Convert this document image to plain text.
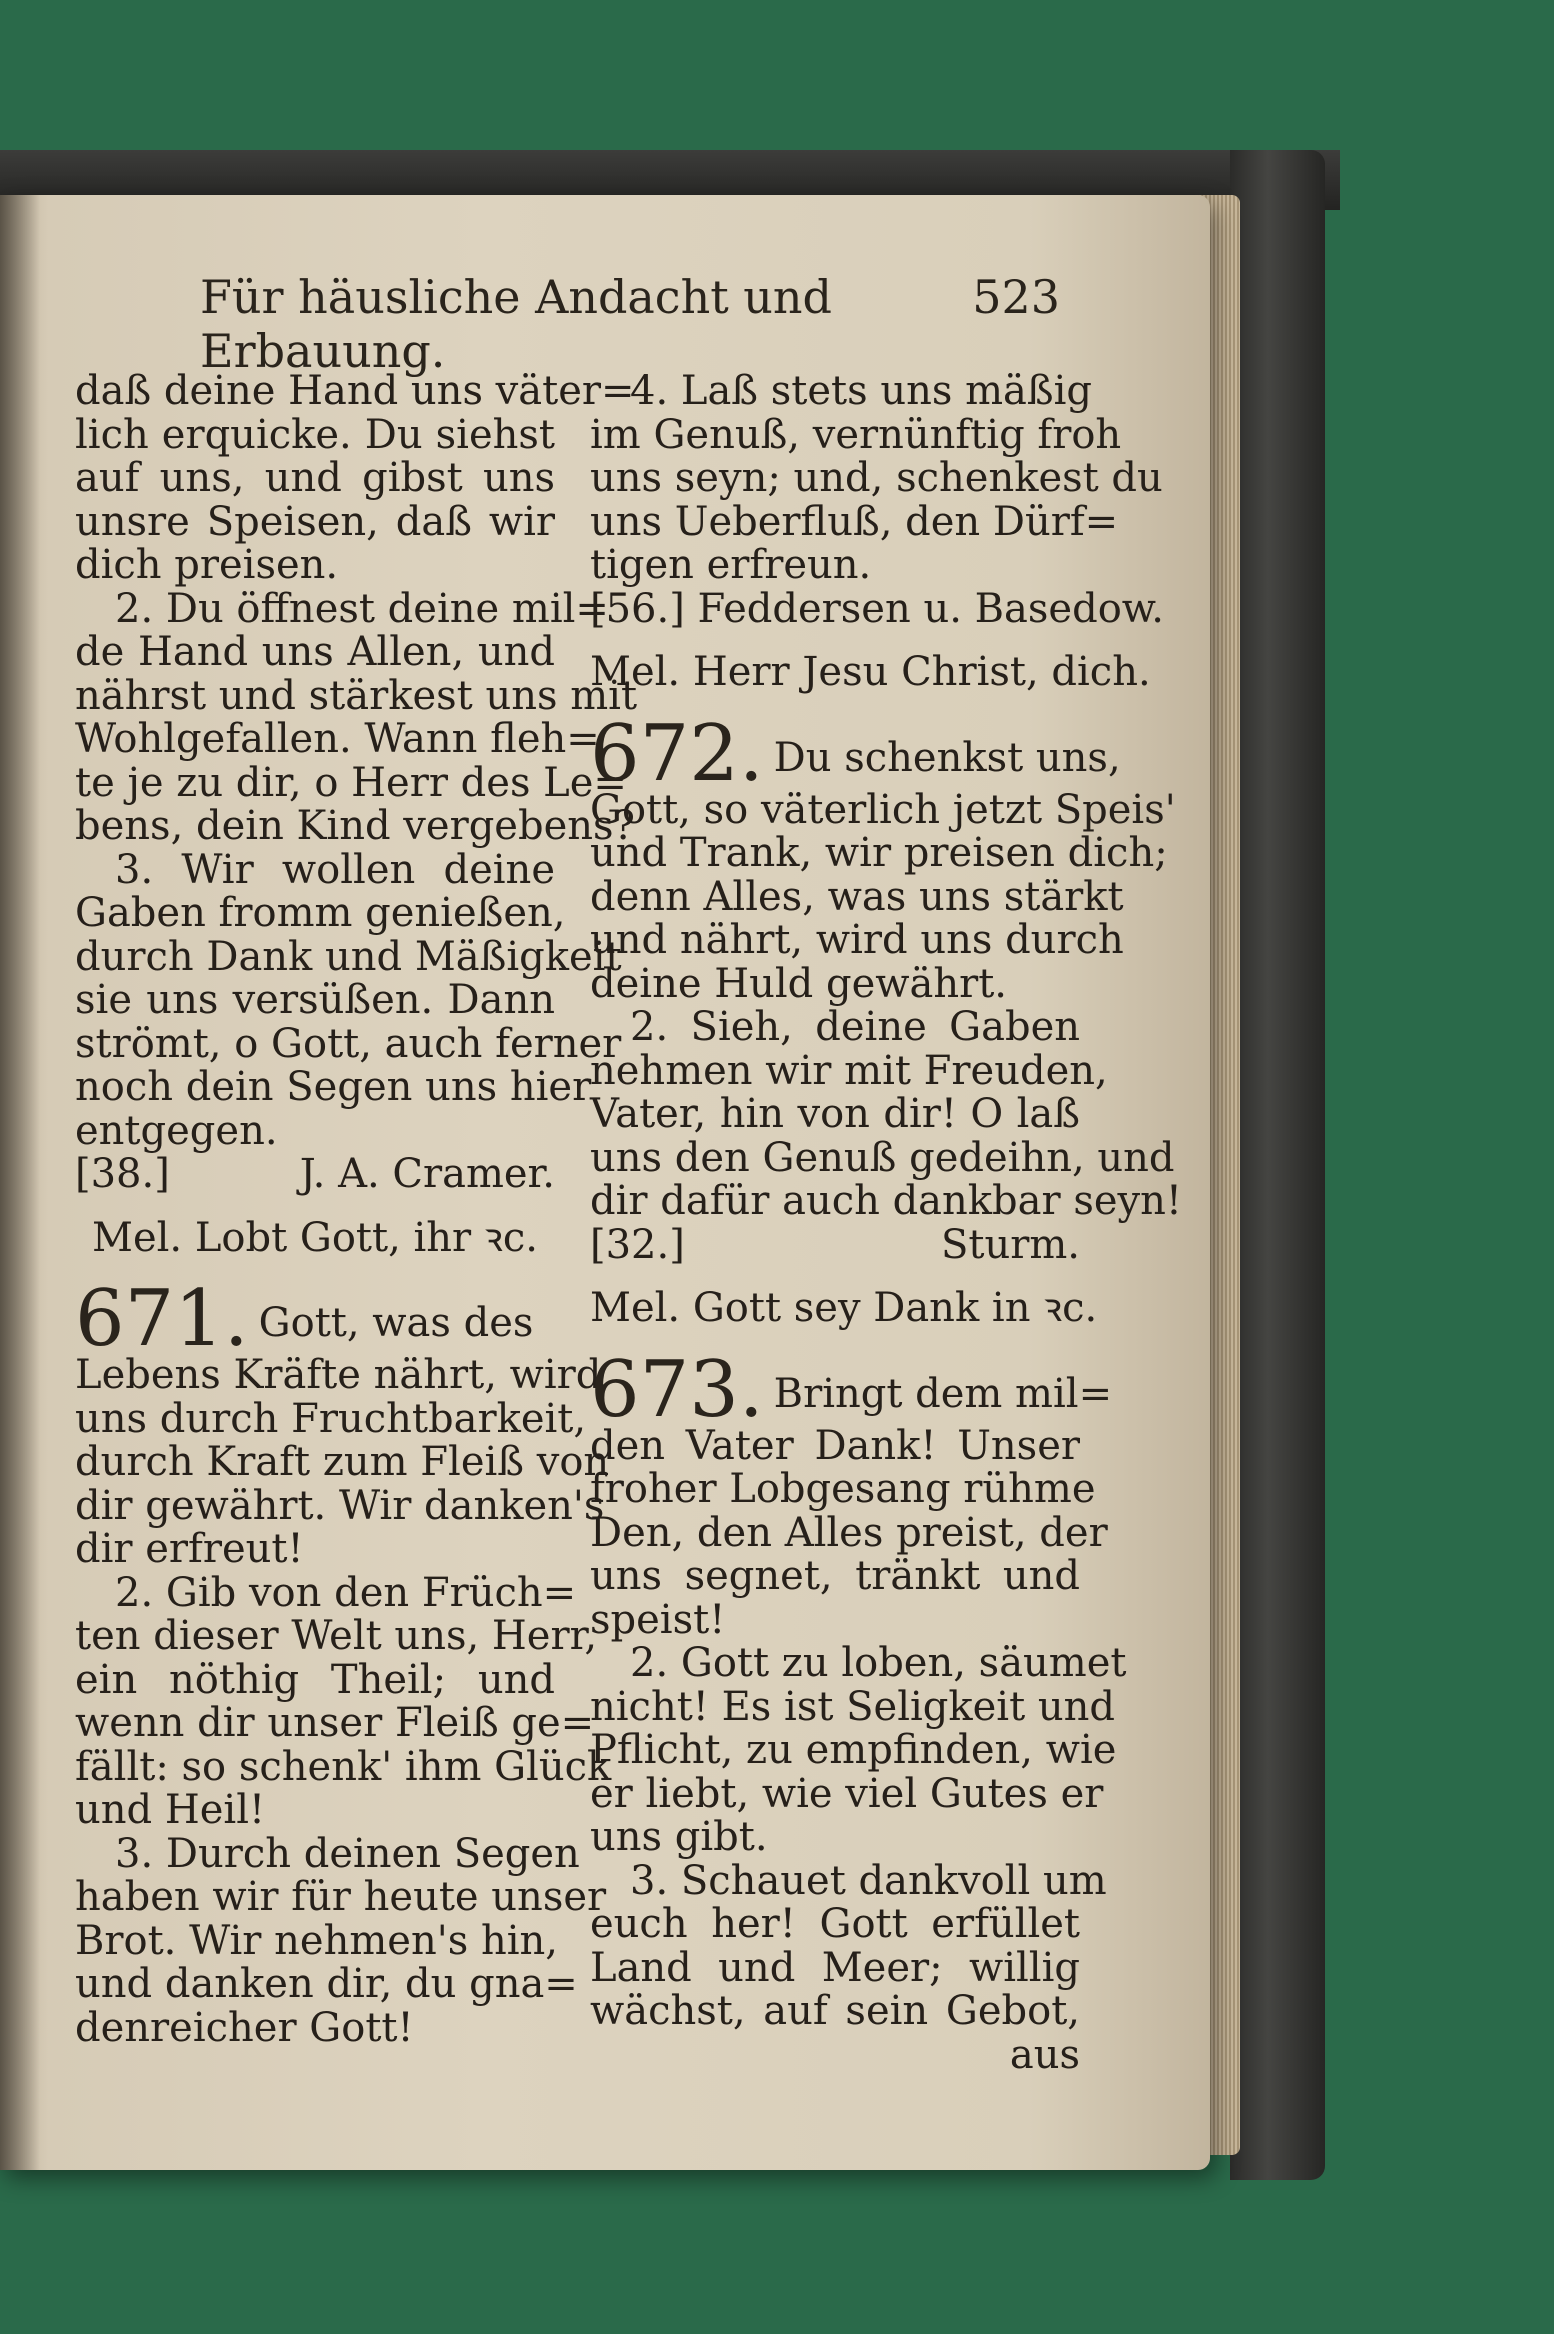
Für häusliche Andacht und Erbauung.
523
daß deine Hand uns väter=
lich erquicke. Du siehst
auf uns, und gibst uns
unsre Speisen, daß wir
dich preisen.
2. Du öffnest deine mil=
de Hand uns Allen, und
nährst und stärkest uns mit
Wohlgefallen. Wann fleh=
te je zu dir, o Herr des Le=
bens, dein Kind vergebens?
3. Wir wollen deine
Gaben fromm genießen,
durch Dank und Mäßigkeit
sie uns versüßen. Dann
strömt, o Gott, auch ferner
noch dein Segen uns hier
entgegen.
[38.]	J. A. Cramer.
Mel. Lobt Gott, ihr ꝛc.
671. Gott, was des
Lebens Kräfte nährt, wird
uns durch Fruchtbarkeit,
durch Kraft zum Fleiß von
dir gewährt. Wir danken's
dir erfreut!
2. Gib von den Früch=
ten dieser Welt uns, Herr,
ein nöthig Theil; und
wenn dir unser Fleiß ge=
fällt: so schenk' ihm Glück
und Heil!
3. Durch deinen Segen
haben wir für heute unser
Brot. Wir nehmen's hin,
und danken dir, du gna=
denreicher Gott!
4. Laß stets uns mäßig
im Genuß, vernünftig froh
uns seyn; und, schenkest du
uns Ueberfluß, den Dürf=
tigen erfreun.
[56.] Feddersen u. Basedow.
Mel. Herr Jesu Christ, dich.
672. Du schenkst uns,
Gott, so väterlich jetzt Speis'
und Trank, wir preisen dich;
denn Alles, was uns stärkt
und nährt, wird uns durch
deine Huld gewährt.
2. Sieh, deine Gaben
nehmen wir mit Freuden,
Vater, hin von dir! O laß
uns den Genuß gedeihn, und
dir dafür auch dankbar seyn!
[32.]	Sturm.
Mel. Gott sey Dank in ꝛc.
673. Bringt dem mil=
den Vater Dank! Unser
froher Lobgesang rühme
Den, den Alles preist, der
uns segnet, tränkt und
speist!
2. Gott zu loben, säumet
nicht! Es ist Seligkeit und
Pflicht, zu empfinden, wie
er liebt, wie viel Gutes er
uns gibt.
3. Schauet dankvoll um
euch her! Gott erfüllet
Land und Meer; willig
wächst, auf sein Gebot,
aus
